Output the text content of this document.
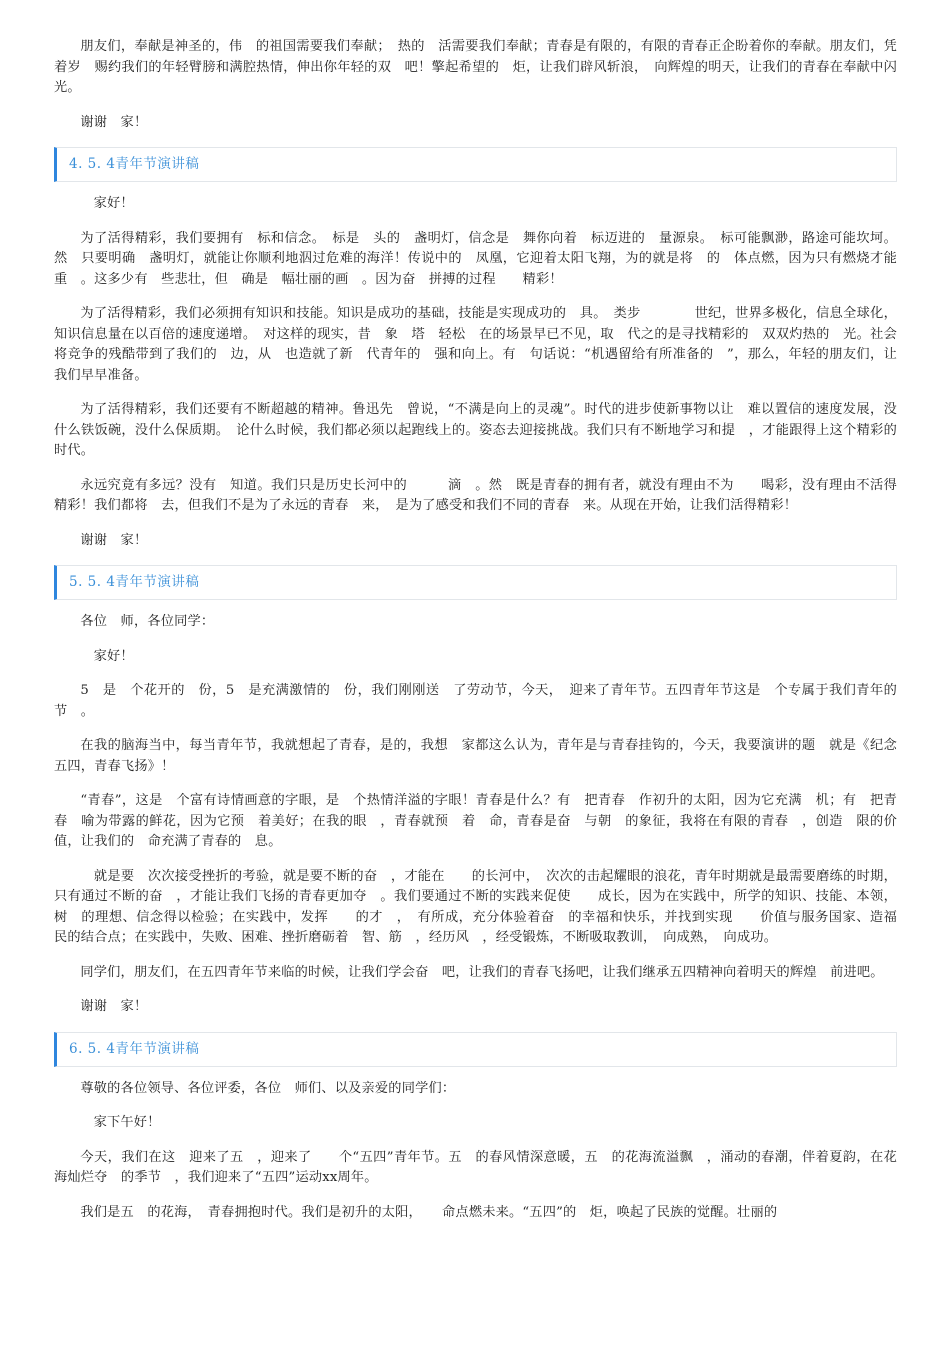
朋友们，奉献是神圣的，伟　的祖国需要我们奉献；　热的　活需要我们奉献；青春是有限的，有限的青春正企盼着你的奉献。朋友们，凭着岁　赐约我们的年轻臂膀和满腔热情，伸出你年轻的双　吧！擎起希望的　炬，让我们辟风斩浪，　向辉煌的明天，让我们的青春在奉献中闪光。

谢谢　家！

4. 5. 4青年节演讲稿

家好！

为了活得精彩，我们要拥有　标和信念。　标是　头的　盏明灯，信念是　舞你向着　标迈进的　量源泉。　标可能飘渺，路途可能坎坷。然　只要明确　盏明灯，就能让你顺利地泅过危难的海洋！传说中的　凤凰，它迎着太阳飞翔，为的就是将　的　体点燃，因为只有燃烧才能重　。这多少有　些悲壮，但　确是　幅壮丽的画　。因为奋　拼搏的过程　　精彩！

为了活得精彩，我们必须拥有知识和技能。知识是成功的基础，技能是实现成功的　具。　类步　　　　世纪，世界多极化，信息全球化，知识信息量在以百倍的速度递增。　对这样的现实，昔　象　塔　轻松　在的场景早已不见，取　代之的是寻找精彩的　双双灼热的　光。社会将竞争的残酷带到了我们的　边，从　也造就了新　代青年的　强和向上。有　句话说：“机遇留给有所准备的　”，那么，年轻的朋友们，让我们早早准备。

为了活得精彩，我们还要有不断超越的精神。鲁迅先　曾说，“不满是向上的灵魂”。时代的进步使新事物以让　难以置信的速度发展，没什么铁饭碗，没什么保质期。　论什么时候，我们都必须以起跑线上的。姿态去迎接挑战。我们只有不断地学习和提　，才能跟得上这个精彩的　时代。

永远究竟有多远？没有　知道。我们只是历史长河中的　　　滴　。然　既是青春的拥有者，就没有理由不为　　喝彩，没有理由不活得精彩！我们都将　去，但我们不是为了永远的青春　来，　是为了感受和我们不同的青春　来。从现在开始，让我们活得精彩！

谢谢　家！

5. 5. 4青年节演讲稿

各位　师，各位同学：

家好！

5　是　个花开的　份，5　是充满激情的　份，我们刚刚送　了劳动节，今天，　迎来了青年节。五四青年节这是　个专属于我们青年的节　。

在我的脑海当中，每当青年节，我就想起了青春，是的，我想　家都这么认为，青年是与青春挂钩的，今天，我要演讲的题　就是《纪念五四，青春飞扬》！

“青春”，这是　个富有诗情画意的字眼，是　个热情洋溢的字眼！青春是什么？有　把青春　作初升的太阳，因为它充满　机；有　把青春　喻为带露的鲜花，因为它预　着美好；在我的眼　，青春就预　着　命，青春是奋　与朝　的象征，我将在有限的青春　，创造　限的价值，让我们的　命充满了青春的　息。

　就是要　次次接受挫折的考验，就是要不断的奋　，才能在　　的长河中，　次次的击起耀眼的浪花，青年时期就是最需要磨练的时期，只有通过不断的奋　，才能让我们飞扬的青春更加夺　。我们要通过不断的实践来促使　　成长，因为在实践中，所学的知识、技能、本领，树　的理想、信念得以检验；在实践中，发挥　　的才　，　有所成，充分体验着奋　的幸福和快乐，并找到实现　　价值与服务国家、造福　民的结合点；在实践中，失败、困难、挫折磨砺着　智、筋　，经历风　，经受锻炼，不断吸取教训，　向成熟，　向成功。

同学们，朋友们，在五四青年节来临的时候，让我们学会奋　吧，让我们的青春飞扬吧，让我们继承五四精神向着明天的辉煌　前进吧。

谢谢　家！

6. 5. 4青年节演讲稿

尊敬的各位领导、各位评委，各位　师们、以及亲爱的同学们：

家下午好！

今天，我们在这　迎来了五　，迎来了　　个“五四”青年节。五　的春风情深意暖，五　的花海流溢飘　，涌动的春潮，伴着夏韵，在花海灿烂夺　的季节　，我们迎来了“五四”运动xx周年。

我们是五　的花海，　青春拥抱时代。我们是初升的太阳，　　命点燃未来。“五四”的　炬，唤起了民族的觉醒。壮丽的
